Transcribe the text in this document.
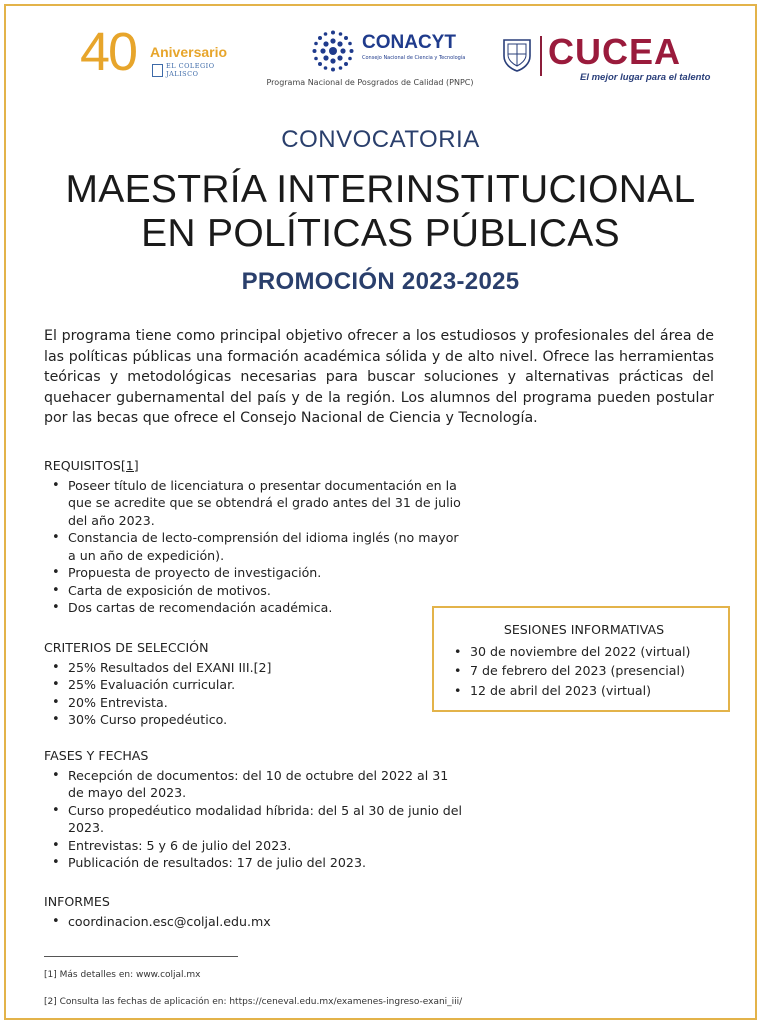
40 Aniversario
EL COLEGIO
JALISCO
CONACYT
Consejo Nacional de Ciencia y Tecnología
Programa Nacional de Posgrados de Calidad (PNPC)
CUCEA
El mejor lugar para el talento
CONVOCATORIA
MAESTRÍA INTERINSTITUCIONAL
EN POLÍTICAS PÚBLICAS
PROMOCIÓN 2023-2025

El programa tiene como principal objetivo ofrecer a los estudiosos y profesionales del área de las políticas públicas una formación académica sólida y de alto nivel. Ofrece las herramientas teóricas y metodológicas necesarias para buscar soluciones y alternativas prácticas del quehacer gubernamental del país y de la región. Los alumnos del programa pueden postular por las becas que ofrece el Consejo Nacional de Ciencia y Tecnología.

REQUISITOS[1]
• Poseer título de licenciatura o presentar documentación en la que se acredite que se obtendrá el grado antes del 31 de julio del año 2023.
• Constancia de lecto-comprensión del idioma inglés (no mayor a un año de expedición).
• Propuesta de proyecto de investigación.
• Carta de exposición de motivos.
• Dos cartas de recomendación académica.
CRITERIOS DE SELECCIÓN
• 25% Resultados del EXANI III.[2]
• 25% Evaluación curricular.
• 20% Entrevista.
• 30% Curso propedéutico.
FASES Y FECHAS
• Recepción de documentos: del 10 de octubre del 2022 al 31 de mayo del 2023.
• Curso propedéutico modalidad híbrida: del 5 al 30 de junio del 2023.
• Entrevistas: 5 y 6 de julio del 2023.
• Publicación de resultados: 17 de julio del 2023.
INFORMES
• coordinacion.esc@coljal.edu.mx
SESIONES INFORMATIVAS
• 30 de noviembre del 2022 (virtual)
• 7 de febrero del 2023 (presencial)
• 12 de abril del 2023 (virtual)
[1] Más detalles en: www.coljal.mx
[2] Consulta las fechas de aplicación en: https://ceneval.edu.mx/examenes-ingreso-exani_iii/
